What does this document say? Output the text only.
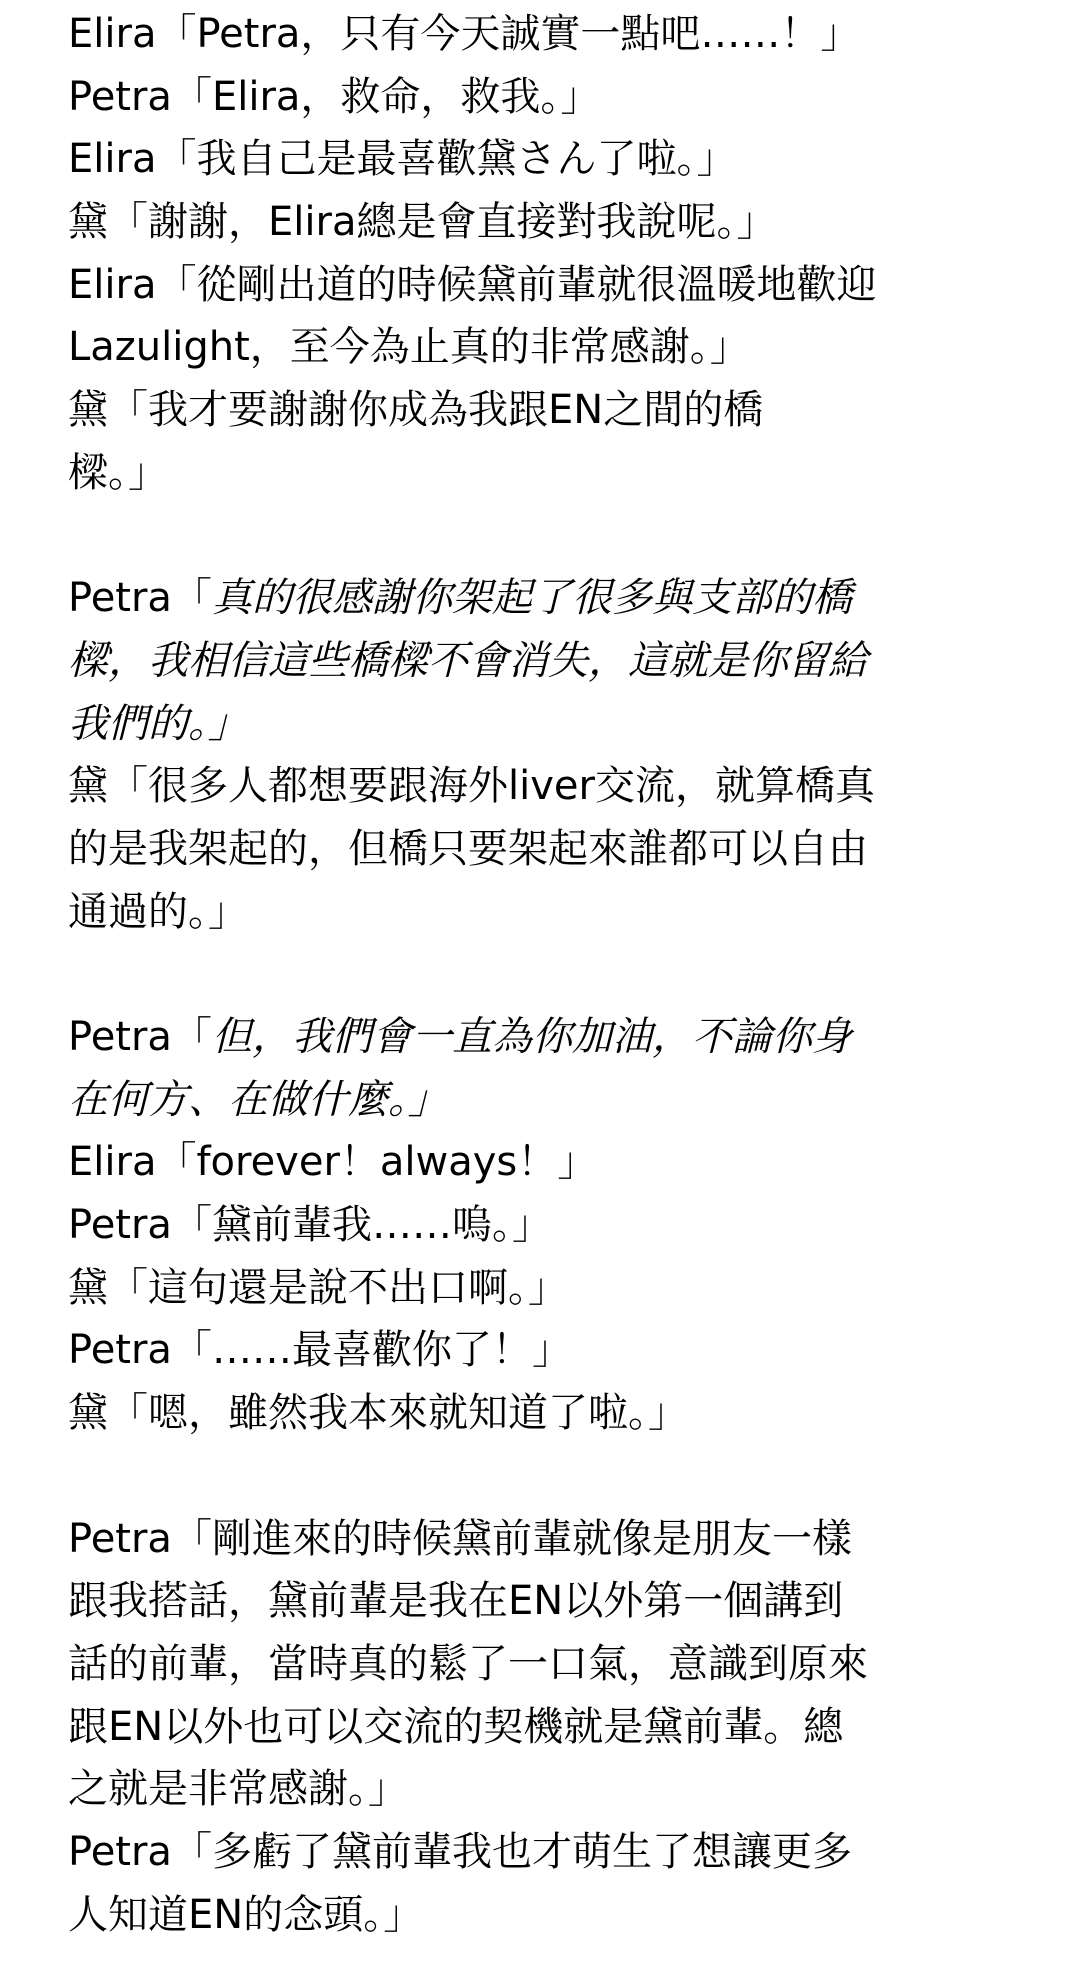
Elira「Petra，只有今天誠實一點吧……！」
Petra「Elira，救命，救我。」
Elira「我自己是最喜歡黛さん了啦。」
黛「謝謝，Elira總是會直接對我說呢。」
Elira「從剛出道的時候黛前輩就很溫暖地歡迎
Lazulight，至今為止真的非常感謝。」
黛「我才要謝謝你成為我跟EN之間的橋
樑。」
Petra「真的很感謝你架起了很多與支部的橋
樑，我相信這些橋樑不會消失，這就是你留給
我們的。」
黛「很多人都想要跟海外liver交流，就算橋真
的是我架起的，但橋只要架起來誰都可以自由
通過的。」
Petra「但，我們會一直為你加油，不論你身
在何方、在做什麼。」
Elira「forever！always！」
Petra「黛前輩我……嗚。」
黛「這句還是說不出口啊。」
Petra「……最喜歡你了！」
黛「嗯，雖然我本來就知道了啦。」
Petra「剛進來的時候黛前輩就像是朋友一樣
跟我搭話，黛前輩是我在EN以外第一個講到
話的前輩，當時真的鬆了一口氣，意識到原來
跟EN以外也可以交流的契機就是黛前輩。總
之就是非常感謝。」
Petra「多虧了黛前輩我也才萌生了想讓更多
人知道EN的念頭。」
